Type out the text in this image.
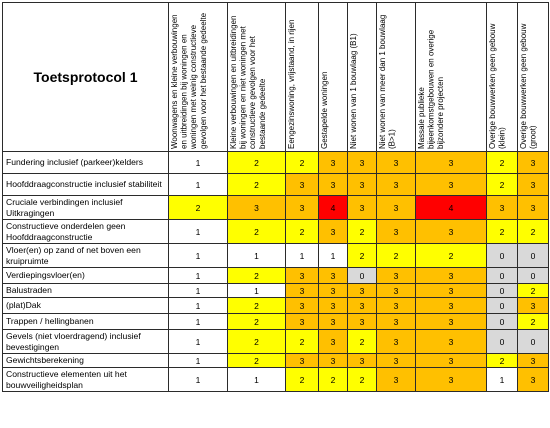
Toetsprotocol 1	Woonwagens en kleine verbouwingen en uitbreidingen bij woningen en woningen met weinig constructieve gevolgen voor het bestaande gedeelte	Kleine verbouwingen en uitbreidingen bij woningen en niet woningen met constructieve gevolgen voor het bestaande gedeelte	Eengezinswoning, vrijstaand, in rijen	Gestapelde woningen	Niet wonen van 1 bouwlaag (B1)	Niet wonen van meer dan 1 bouwlaag (B>1)	Massale publieke bijeenkomstgebouwen en overige bijzondere projecten	Overige bouwwerken geen gebouw (klein)	Overige bouwwerken geen gebouw (groot)

Fundering inclusief (parkeer)kelders	1	2	2	3	3	3	3	2	3
Hoofddraagconstructie inclusief stabiliteit	1	2	3	3	3	3	3	2	3
Cruciale verbindingen inclusief Uitkragingen	2	3	3	4	3	3	4	3	3
Constructieve onderdelen geen Hoofddraagconstructie	1	2	2	3	2	3	3	2	2
Vloer(en) op zand of net boven een kruipruimte	1	1	1	1	2	2	2	0	0
Verdiepingsvloer(en)	1	2	3	3	0	3	3	0	0
Balustraden	1	1	3	3	3	3	3	0	2
(plat)Dak	1	2	3	3	3	3	3	0	3
Trappen / hellingbanen	1	2	3	3	3	3	3	0	2
Gevels (niet vloerdragend) inclusief bevestigingen	1	2	2	3	2	3	3	0	0
Gewichtsberekening	1	2	3	3	3	3	3	2	3
Constructieve elementen uit het bouwveiligheidsplan	1	1	2	2	2	3	3	1	3
